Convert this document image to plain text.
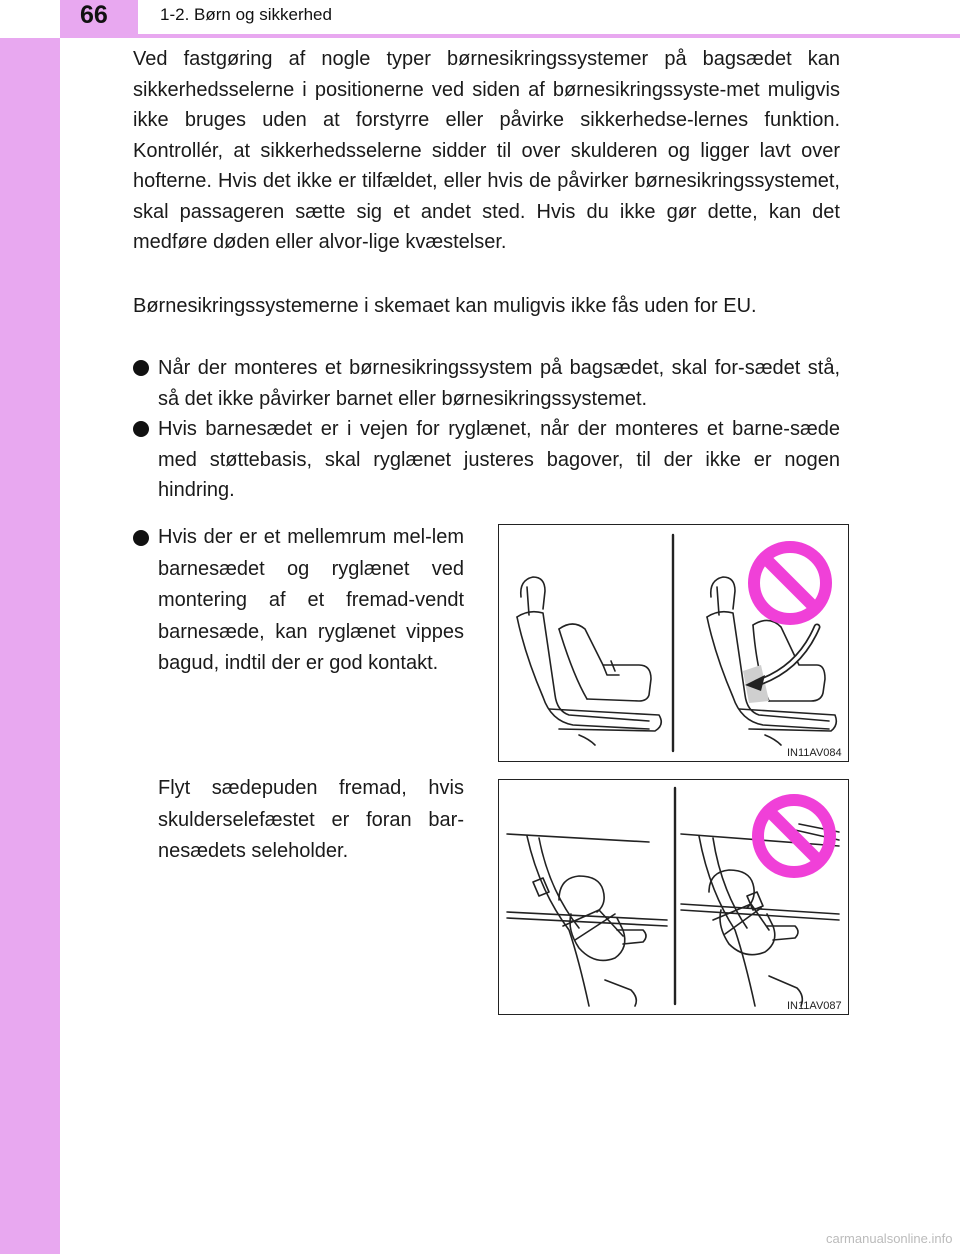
66	1-2. Børn og sikkerhed
Ved fastgøring af nogle typer børnesikringssystemer på bagsædet kan sikkerhedsselerne i positionerne ved siden af børnesikringssyste-met muligvis ikke bruges uden at forstyrre eller påvirke sikkerhedse-lernes funktion. Kontrollér, at sikkerhedsselerne sidder til over skulderen og ligger lavt over hofterne. Hvis det ikke er tilfældet, eller hvis de påvirker børnesikringssystemet, skal passageren sætte sig et andet sted. Hvis du ikke gør dette, kan det medføre døden eller alvor-lige kvæstelser.
Børnesikringssystemerne i skemaet kan muligvis ikke fås uden for EU.
Når der monteres et børnesikringssystem på bagsædet, skal for-sædet stå, så det ikke påvirker barnet eller børnesikringssystemet.
Hvis barnesædet er i vejen for ryglænet, når der monteres et barne-sæde med støttebasis, skal ryglænet justeres bagover, til der ikke er nogen hindring.
Hvis der er et mellemrum mel-lem barnesædet og ryglænet ved montering af et fremad-vendt barnesæde, kan ryglænet vippes bagud, indtil der er god kontakt.
Flyt sædepuden fremad, hvis skulderselefæstet er foran bar-nesædets seleholder.
IN11AV084
IN11AV087
carmanualsonline.info
